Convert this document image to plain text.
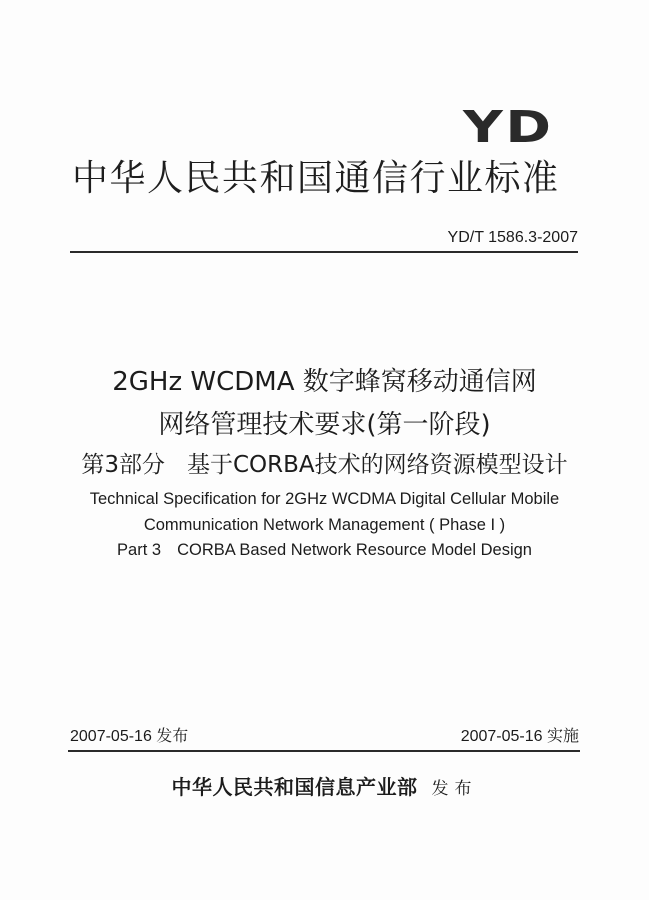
YD
中华人民共和国通信行业标准
YD/T 1586.3-2007
2GHz WCDMA 数字蜂窝移动通信网
网络管理技术要求(第一阶段)
第3部分 基于CORBA技术的网络资源模型设计
Technical Specification for 2GHz WCDMA Digital Cellular Mobile
Communication Network Management ( Phase I )
Part 3 CORBA Based Network Resource Model Design
2007-05-16 发布	2007-05-16 实施
中华人民共和国信息产业部 发布
